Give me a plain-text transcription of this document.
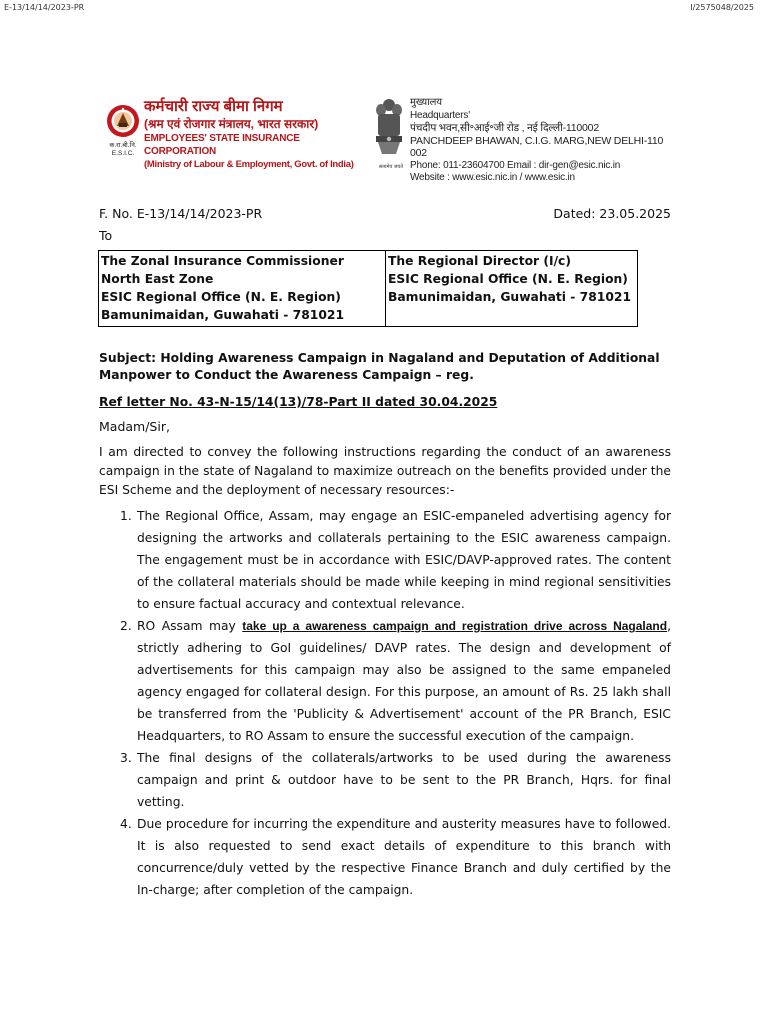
E-13/14/14/2023-PR	I/2575048/2025
क.रा.बी.नि.
E.S.I.C.
कर्मचारी राज्य बीमा निगम
(श्रम एवं रोजगार मंत्रालय, भारत सरकार)
EMPLOYEES' STATE INSURANCE CORPORATION
(Ministry of Labour & Employment, Govt. of India)	सत्यमेव जयते
मुख्यालय
Headquarters'
पंचदीप भवन,सी॰आई॰जी रोड , नई दिल्ली-110002
PANCHDEEP BHAWAN, C.I.G. MARG,NEW DELHI-110 002
Phone: 011-23604700 Email : dir-gen@esic.nic.in
Website : www.esic.nic.in / www.esic.in
F. No. E-13/14/14/2023-PR	Dated: 23.05.2025
To
The Zonal Insurance Commissioner
North East Zone
ESIC Regional Office (N. E. Region)
Bamunimaidan, Guwahati - 781021

The Regional Director (I/c)
ESIC Regional Office (N. E. Region)
Bamunimaidan, Guwahati - 781021
Subject: Holding Awareness Campaign in Nagaland and Deputation of Additional Manpower to Conduct the Awareness Campaign – reg.
Ref letter No. 43-N-15/14(13)/78-Part II dated 30.04.2025
Madam/Sir,
I am directed to convey the following instructions regarding the conduct of an awareness campaign in the state of Nagaland to maximize outreach on the benefits provided under the ESI Scheme and the deployment of necessary resources:-
1. The Regional Office, Assam, may engage an ESIC-empaneled advertising agency for designing the artworks and collaterals pertaining to the ESIC awareness campaign. The engagement must be in accordance with ESIC/DAVP-approved rates. The content of the collateral materials should be made while keeping in mind regional sensitivities to ensure factual accuracy and contextual relevance.
2. RO Assam may take up a awareness campaign and registration drive across Nagaland, strictly adhering to GoI guidelines/ DAVP rates. The design and development of advertisements for this campaign may also be assigned to the same empaneled agency engaged for collateral design. For this purpose, an amount of Rs. 25 lakh shall be transferred from the 'Publicity & Advertisement' account of the PR Branch, ESIC Headquarters, to RO Assam to ensure the successful execution of the campaign.
3. The final designs of the collaterals/artworks to be used during the awareness campaign and print & outdoor have to be sent to the PR Branch, Hqrs. for final vetting.
4. Due procedure for incurring the expenditure and austerity measures have to followed. It is also requested to send exact details of expenditure to this branch with concurrence/duly vetted by the respective Finance Branch and duly certified by the In-charge; after completion of the campaign.
